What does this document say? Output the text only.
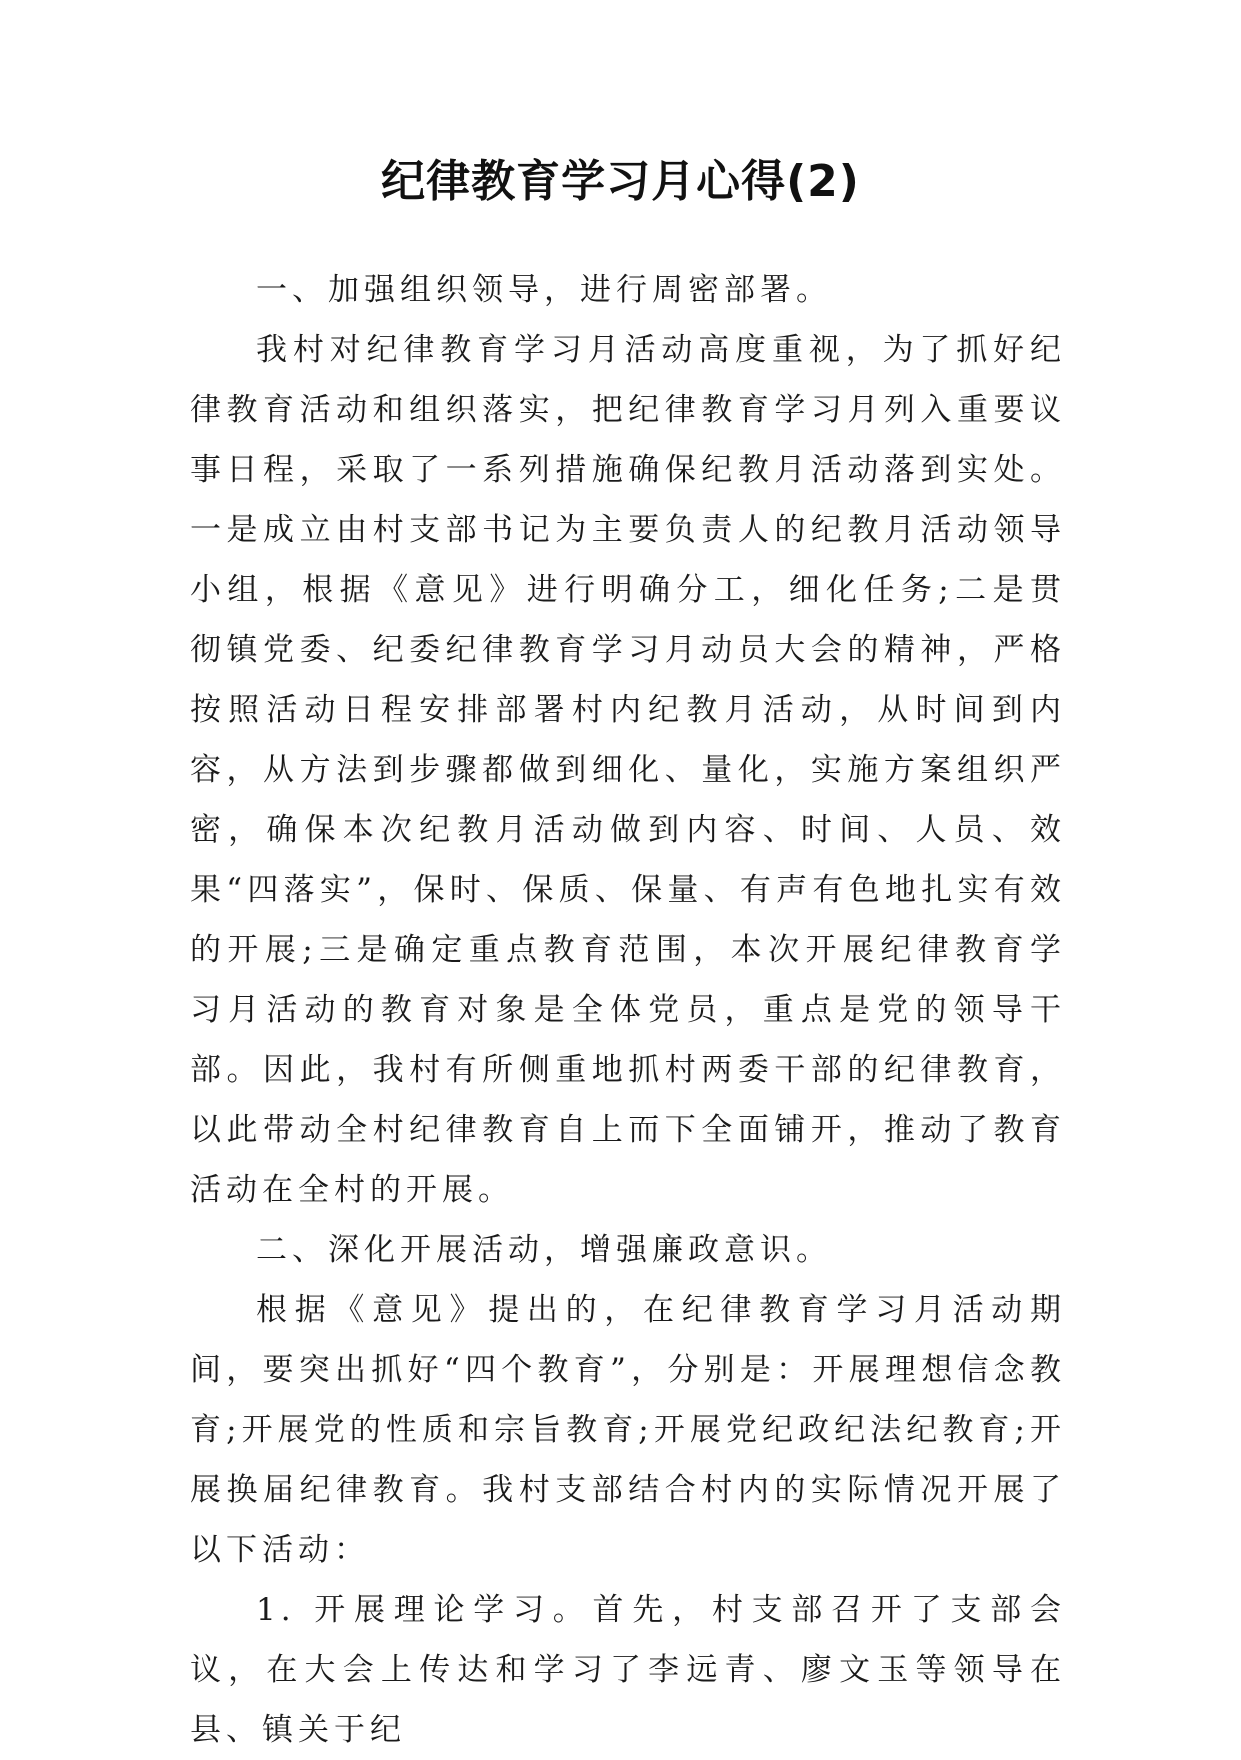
纪律教育学习月心得(2)

一、加强组织领导，进行周密部署。

我村对纪律教育学习月活动高度重视，为了抓好纪律教育活动和组织落实，把纪律教育学习月列入重要议事日程，采取了一系列措施确保纪教月活动落到实处。一是成立由村支部书记为主要负责人的纪教月活动领导小组，根据《意见》进行明确分工，细化任务;二是贯彻镇党委、纪委纪律教育学习月动员大会的精神，严格按照活动日程安排部署村内纪教月活动，从时间到内容，从方法到步骤都做到细化、量化，实施方案组织严密，确保本次纪教月活动做到内容、时间、人员、效果“四落实”，保时、保质、保量、有声有色地扎实有效的开展;三是确定重点教育范围，本次开展纪律教育学习月活动的教育对象是全体党员，重点是党的领导干部。因此，我村有所侧重地抓村两委干部的纪律教育，以此带动全村纪律教育自上而下全面铺开，推动了教育活动在全村的开展。

二、深化开展活动，增强廉政意识。

根据《意见》提出的，在纪律教育学习月活动期间，要突出抓好“四个教育”，分别是：开展理想信念教育;开展党的性质和宗旨教育;开展党纪政纪法纪教育;开展换届纪律教育。我村支部结合村内的实际情况开展了以下活动：

1. 开展理论学习。首先，村支部召开了支部会议，在大会上传达和学习了李远青、廖文玉等领导在县、镇关于纪
